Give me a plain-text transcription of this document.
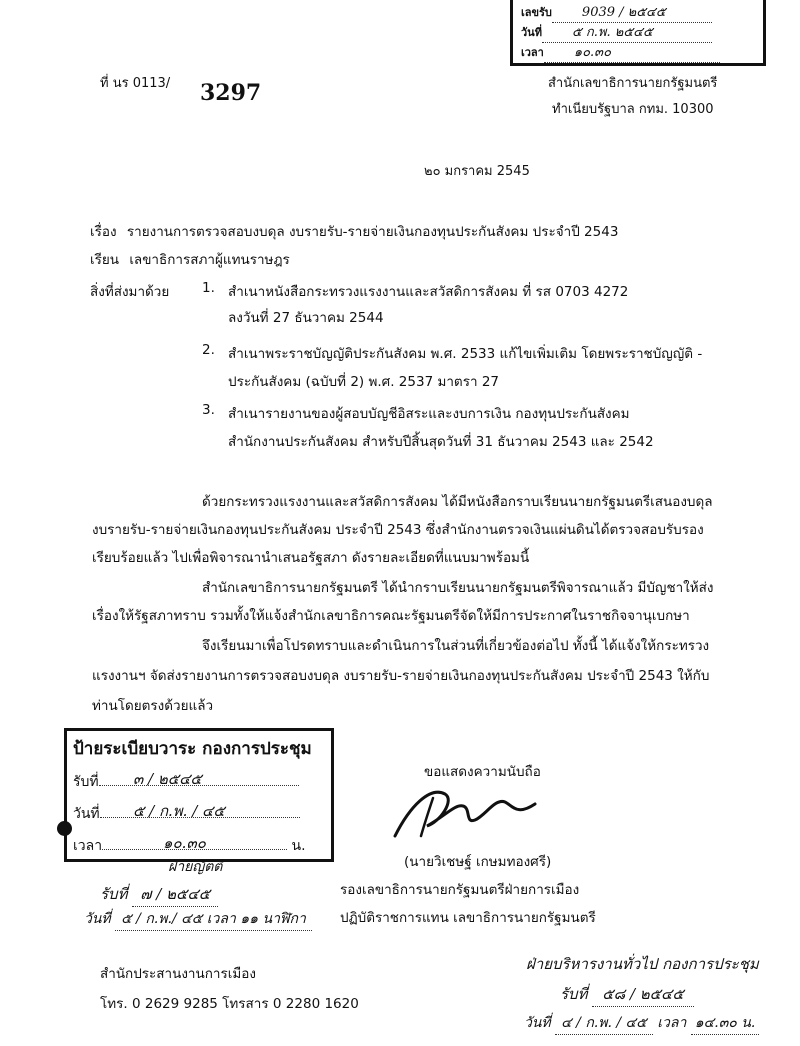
เลขรับ 9039 / ๒๕๔๕
วันที่ ๕ ก.พ. ๒๕๔๕
เวลา ๑๐.๓๐
ที่ นร 0113/ 3297	สำนักเลขาธิการนายกรัฐมนตรี
ทำเนียบรัฐบาล กทม. 10300
๒๐ มกราคม 2545
เรื่อง รายงานการตรวจสอบงบดุล งบรายรับ-รายจ่ายเงินกองทุนประกันสังคม ประจำปี 2543
เรียน เลขาธิการสภาผู้แทนราษฎร
สิ่งที่ส่งมาด้วย 1. สำเนาหนังสือกระทรวงแรงงานและสวัสดิการสังคม ที่ รส 0703 4272
ลงวันที่ 27 ธันวาคม 2544
2. สำเนาพระราชบัญญัติประกันสังคม พ.ศ. 2533 แก้ไขเพิ่มเติม โดยพระราชบัญญัติ -
ประกันสังคม (ฉบับที่ 2) พ.ศ. 2537 มาตรา 27
3. สำเนารายงานของผู้สอบบัญชีอิสระและงบการเงิน กองทุนประกันสังคม
สำนักงานประกันสังคม สำหรับปีสิ้นสุดวันที่ 31 ธันวาคม 2543 และ 2542
ด้วยกระทรวงแรงงานและสวัสดิการสังคม ได้มีหนังสือกราบเรียนนายกรัฐมนตรีเสนองบดุล
งบรายรับ-รายจ่ายเงินกองทุนประกันสังคม ประจำปี 2543 ซึ่งสำนักงานตรวจเงินแผ่นดินได้ตรวจสอบรับรอง
เรียบร้อยแล้ว ไปเพื่อพิจารณานำเสนอรัฐสภา ดังรายละเอียดที่แนบมาพร้อมนี้
สำนักเลขาธิการนายกรัฐมนตรี ได้นำกราบเรียนนายกรัฐมนตรีพิจารณาแล้ว มีบัญชาให้ส่ง
เรื่องให้รัฐสภาทราบ รวมทั้งให้แจ้งสำนักเลขาธิการคณะรัฐมนตรีจัดให้มีการประกาศในราชกิจจานุเบกษา
จึงเรียนมาเพื่อโปรดทราบและดำเนินการในส่วนที่เกี่ยวข้องต่อไป ทั้งนี้ ได้แจ้งให้กระทรวง
แรงงานฯ จัดส่งรายงานการตรวจสอบงบดุล งบรายรับ-รายจ่ายเงินกองทุนประกันสังคม ประจำปี 2543 ให้กับ
ท่านโดยตรงด้วยแล้ว
ขอแสดงความนับถือ
(นายวิเชษฐ์ เกษมทองศรี)
รองเลขาธิการนายกรัฐมนตรีฝ่ายการเมือง
ปฏิบัติราชการแทน เลขาธิการนายกรัฐมนตรี
ป้ายระเบียบวาระ กองการประชุม
รับที่ ๓ / ๒๕๔๕
วันที่ ๕ / ก.พ. / ๔๕
เวลา	น.
๑๐.๓๐
ฝ่ายญัตติ
รับที่ ๗ / ๒๕๔๕
วันที่ ๕ / ก.พ./ ๔๕ เวลา ๑๑ นาฬิกา
ฝ่ายบริหารงานทั่วไป กองการประชุม
รับที่ ๕๘ / ๒๕๔๕
วันที่ ๔ / ก.พ. / ๔๕ เวลา ๑๔.๓๐ น.
สำนักประสานงานการเมือง
โทร. 0 2629 9285 โทรสาร 0 2280 1620
